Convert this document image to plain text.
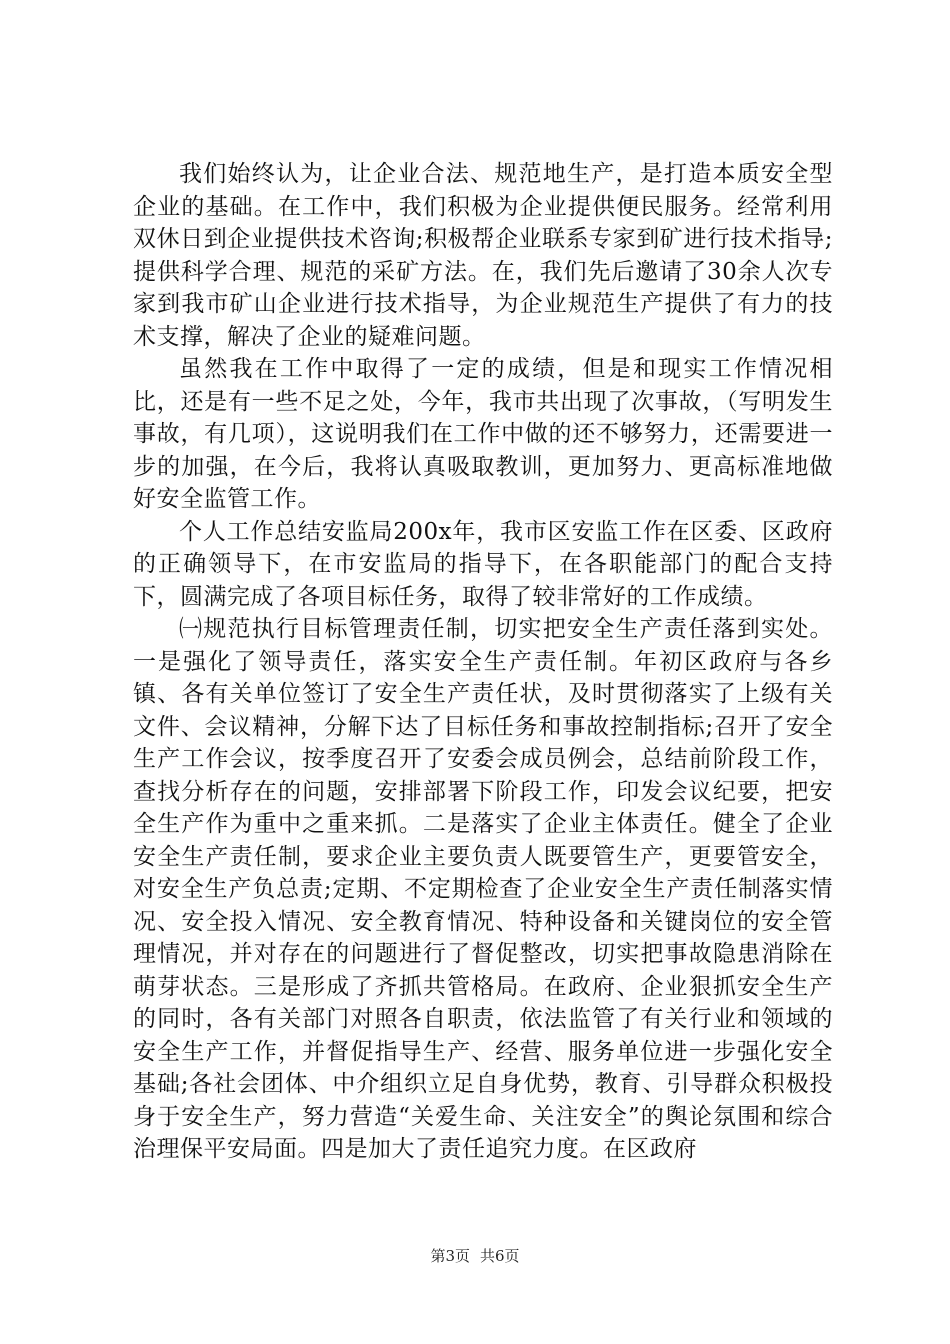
我们始终认为，让企业合法、规范地生产，是打造本质安全型企业的基础。在工作中，我们积极为企业提供便民服务。经常利用双休日到企业提供技术咨询;积极帮企业联系专家到矿进行技术指导;提供科学合理、规范的采矿方法。在，我们先后邀请了30余人次专家到我市矿山企业进行技术指导，为企业规范生产提供了有力的技术支撑，解决了企业的疑难问题。

虽然我在工作中取得了一定的成绩，但是和现实工作情况相比，还是有一些不足之处，今年，我市共出现了次事故，（写明发生事故，有几项），这说明我们在工作中做的还不够努力，还需要进一步的加强，在今后，我将认真吸取教训，更加努力、更高标准地做好安全监管工作。

个人工作总结安监局200x年，我市区安监工作在区委、区政府的正确领导下，在市安监局的指导下，在各职能部门的配合支持下，圆满完成了各项目标任务，取得了较非常好的工作成绩。

㈠规范执行目标管理责任制，切实把安全生产责任落到实处。一是强化了领导责任，落实安全生产责任制。年初区政府与各乡镇、各有关单位签订了安全生产责任状，及时贯彻落实了上级有关文件、会议精神，分解下达了目标任务和事故控制指标;召开了安全生产工作会议，按季度召开了安委会成员例会，总结前阶段工作，查找分析存在的问题，安排部署下阶段工作，印发会议纪要，把安全生产作为重中之重来抓。二是落实了企业主体责任。健全了企业安全生产责任制，要求企业主要负责人既要管生产，更要管安全，对安全生产负总责;定期、不定期检查了企业安全生产责任制落实情况、安全投入情况、安全教育情况、特种设备和关键岗位的安全管理情况，并对存在的问题进行了督促整改，切实把事故隐患消除在萌芽状态。三是形成了齐抓共管格局。在政府、企业狠抓安全生产的同时，各有关部门对照各自职责，依法监管了有关行业和领域的安全生产工作，并督促指导生产、经营、服务单位进一步强化安全基础;各社会团体、中介组织立足自身优势，教育、引导群众积极投身于安全生产，努力营造“关爱生命、关注安全”的舆论氛围和综合治理保平安局面。四是加大了责任追究力度。在区政府

第3页 共6页
